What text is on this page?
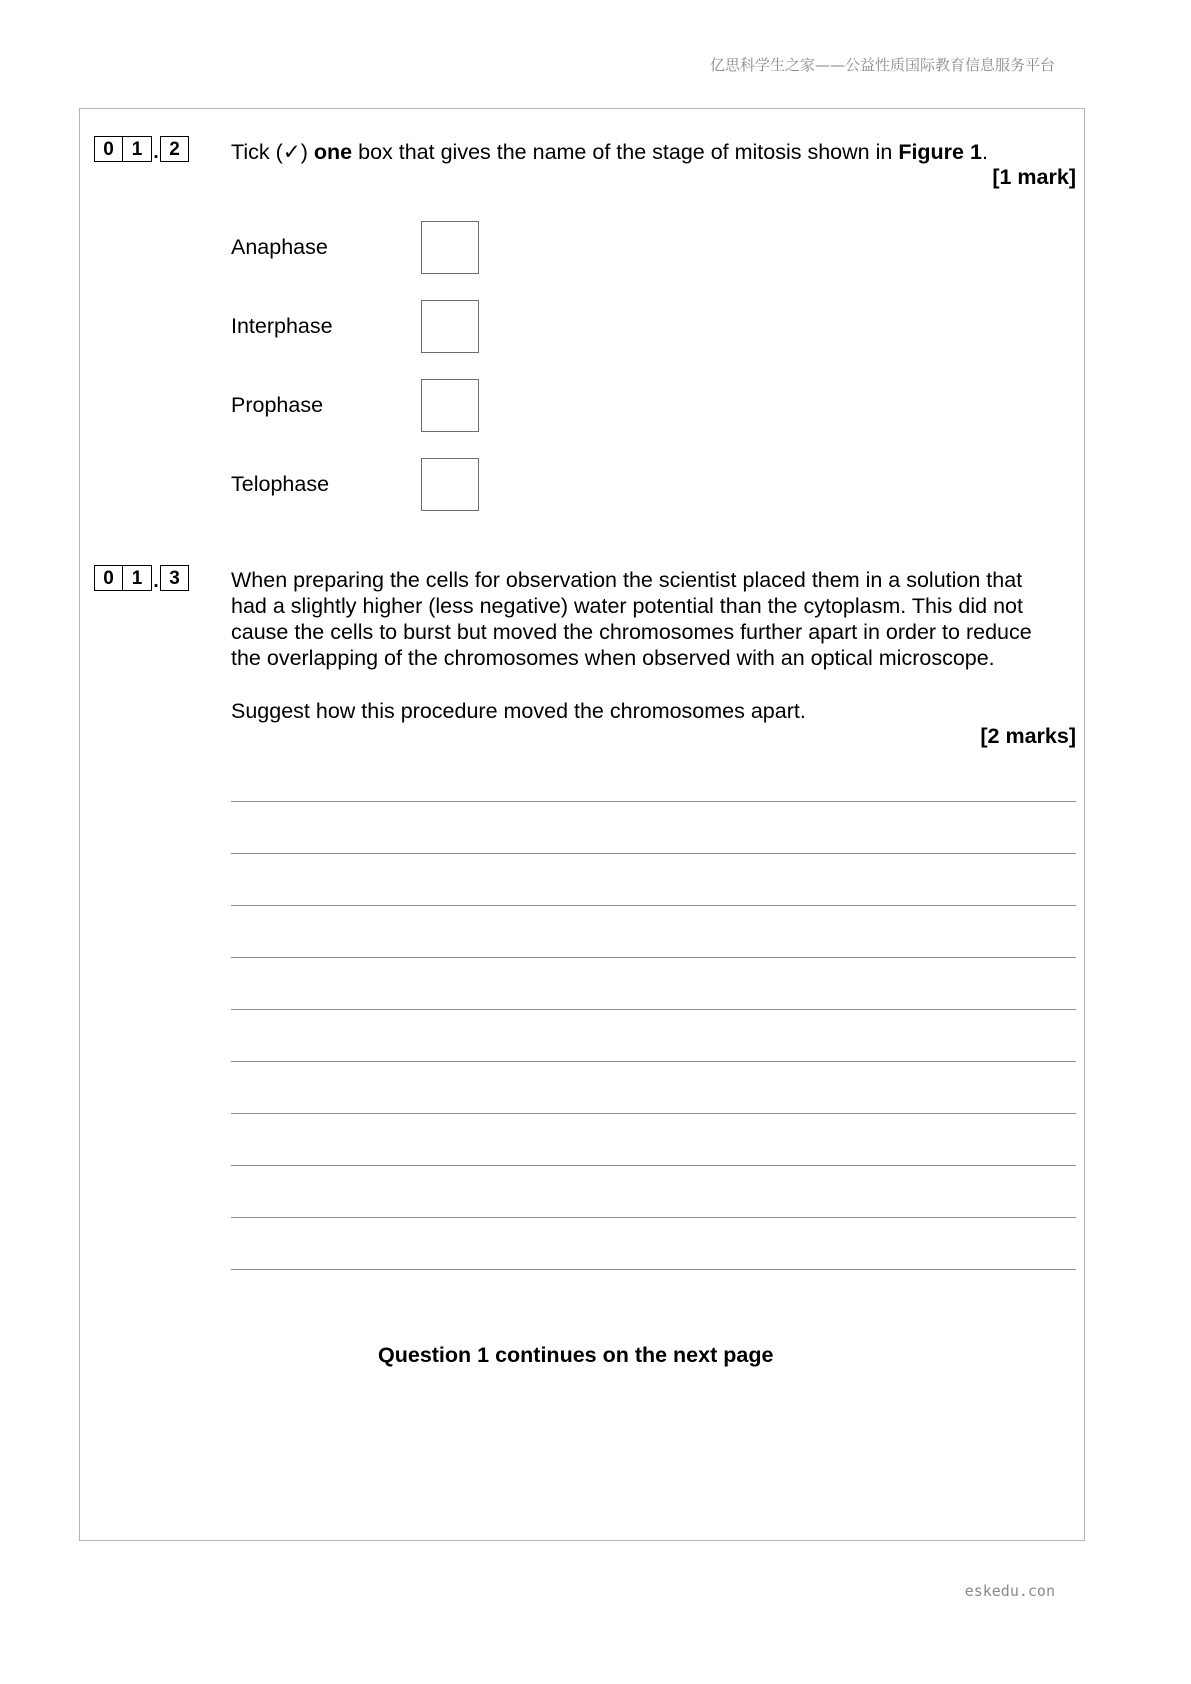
亿思科学生之家——公益性质国际教育信息服务平台
0 1 . 2	Tick (✓) one box that gives the name of the stage of mitosis shown in Figure 1.
[1 mark]
Anaphase
Interphase
Prophase
Telophase
0 1 . 3	When preparing the cells for observation the scientist placed them in a solution that
had a slightly higher (less negative) water potential than the cytoplasm. This did not
cause the cells to burst but moved the chromosomes further apart in order to reduce
the overlapping of the chromosomes when observed with an optical microscope.
Suggest how this procedure moved the chromosomes apart.
[2 marks]
Question 1 continues on the next page
eskedu.con
